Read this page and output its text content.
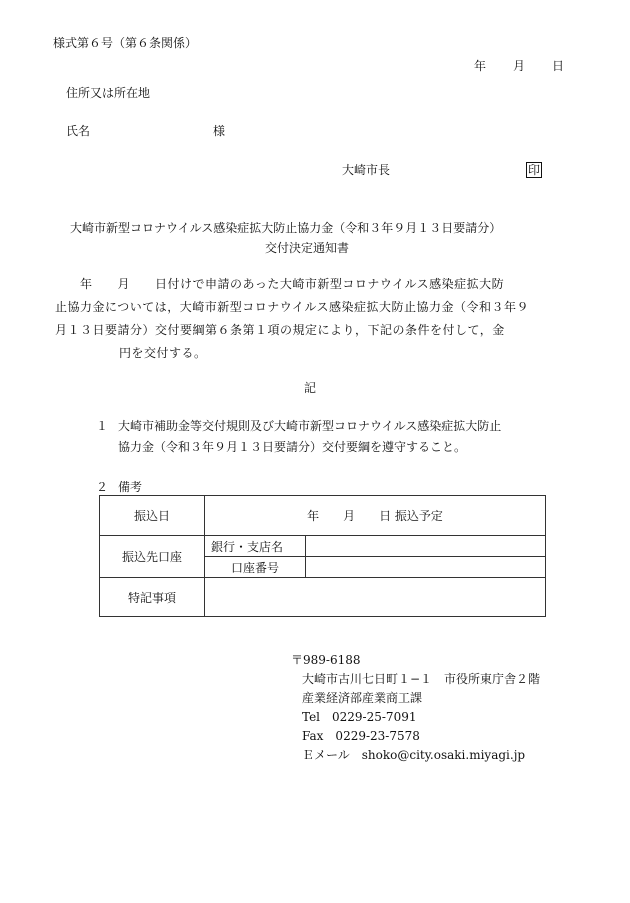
様式第６号（第６条関係）
年　　月　　日
住所又は所在地
氏名	様
大崎市長	印
大崎市新型コロナウイルス感染症拡大防止協力金（令和３年９月１３日要請分）
交付決定通知書
　　年　　月　　日付けで申請のあった大崎市新型コロナウイルス感染症拡大防
止協力金については，大崎市新型コロナウイルス感染症拡大防止協力金（令和３年９
月１３日要請分）交付要綱第６条第１項の規定により，下記の条件を付して，金
円を交付する。
記
１ 大崎市補助金等交付規則及び大崎市新型コロナウイルス感染症拡大防止
協力金（令和３年９月１３日要請分）交付要綱を遵守すること。
２ 備考
振込日	年　　月　　日 振込予定	
振込先口座	銀行・支店名	
	口座番号	
特記事項		
〒989-6188
大崎市古川七日町１−１　市役所東庁舎２階
産業経済部産業商工課
Tel　0229-25-7091
Fax　0229-23-7578
Ｅメール　shoko@city.osaki.miyagi.jp
